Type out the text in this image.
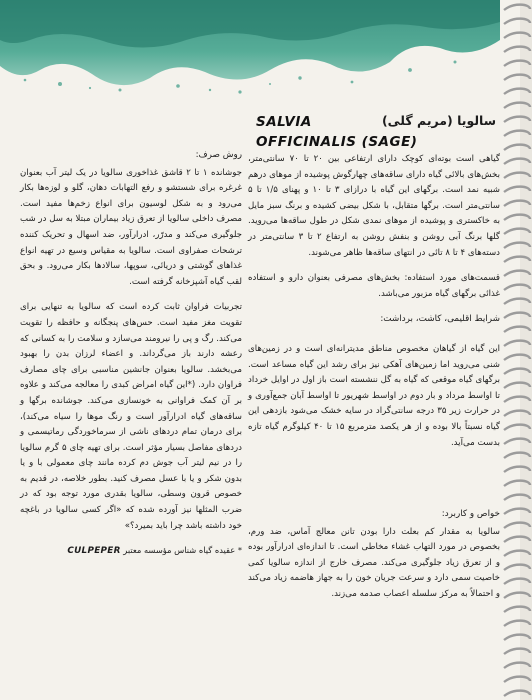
SALVIA	سالویا (مریم گلی)
OFFICINALIS (SAGE)

گیاهی است بوته‌ای کوچک دارای ارتفاعی بین ۲۰ تا ۷۰ سانتی‌متر، بخش‌های بالائی گیاه دارای ساقه‌های چهارگوش پوشیده از موهای درهم شبیه نمد است. برگهای این گیاه با درازای ۳ تا ۱۰ و پهنای ۱/۵ تا ۵ سانتی‌متر است. برگها متقابل، با شکل بیضی کشیده و برنگ سبز مایل به خاکستری و پوشیده از موهای نمدی شکل در طول ساقه‌ها می‌روید. گلها برنگ آبی روشن و بنفش روشن به ارتفاع ۲ تا ۳ سانتی‌متر در دسته‌های ۴ تا ۸ تائی در انتهای ساقه‌ها ظاهر می‌شوند.

قسمت‌های مورد استفاده: بخش‌های مصرفی بعنوان دارو و استفاده غذائی برگهای گیاه مزبور می‌باشد.

شرایط اقلیمی، کاشت، برداشت:

این گیاه از گیاهان مخصوص مناطق مدیترانه‌ای است و در زمین‌های شنی می‌روید اما زمین‌های آهکی نیز برای رشد این گیاه مساعد است. برگهای گیاه موقعی که گیاه به گل ننشسته است باز اول در اوایل خرداد تا اواسط مرداد و بار دوم در اواسط شهریور تا اواسط آبان جمع‌آوری و در حرارت زیر ۳۵ درجه سانتی‌گراد در سایه خشک می‌شود بازدهی این گیاه نسبتاً بالا بوده و از هر یکصد مترمربع ۱۵ تا ۴۰ کیلوگرم گیاه تازه بدست می‌آید.

خواص و کاربرد:

سالویا به مقدار کم بعلت دارا بودن تانن معالج آماس، ضد ورم، بخصوص در مورد التهاب غشاء مخاطی است. تا اندازه‌ای ادرارآور بوده و از تعرق زیاد جلوگیری می‌کند. مصرف خارج از اندازه سالویا کمی خاصیت سمی دارد و سرعت جریان خون را به جهاز هاضمه زیاد می‌کند و احتمالاً به مرکز سلسله اعصاب صدمه می‌زند.

روش صرف:

جوشانده ۱ تا ۲ قاشق غذاخوری سالویا در یک لیتر آب بعنوان غرغره برای شستشو و رفع التهابات دهان، گلو و لوزه‌ها بکار می‌رود و به شکل لوسیون برای انواع زخم‌ها مفید است. مصرف داخلی سالویا از تعرق زیاد بیماران مبتلا به سل در شب جلوگیری می‌کند و مدرّر، ادرارآور، ضد اسهال و تحریک کننده ترشحات صفراوی است. سالویا به مقیاس وسیع در تهیه انواع غذاهای گوشتی و دریائی، سوپها، سالادها بکار می‌رود. و بحق لقب گیاه آشپزخانه گرفته است.

تجربیات فراوان ثابت کرده است که سالویا به تنهایی برای تقویت مغز مفید است. حس‌های پنجگانه و حافظه را تقویت می‌کند. رگ و پی را نیرومند می‌سازد و سلامت را به کسانی که رعشه دارند باز می‌گرداند. و اعضاء لرزان بدن را بهبود می‌بخشد. سالویا بعنوان جانشین مناسبی برای چای مصارف فراوان دارد. (*این گیاه امراض کبدی را معالجه می‌کند و علاوه بر آن کمک فراوانی به خونسازی می‌کند. جوشانده برگها و ساقه‌های گیاه ادرارآور است و رنگ موها را سیاه می‌کند)، برای درمان تمام دردهای ناشی از سرماخوردگی رماتیسمی و دردهای مفاصل بسیار مؤثر است. برای تهیه چای ۵ گرم سالویا را در نیم لیتر آب جوش دم کرده مانند چای معمولی با و یا بدون شکر و یا با عسل مصرف کنید. بطور خلاصه، در قدیم به خصوص قرون وسطی، سالویا بقدری مورد توجه بود که در ضرب المثلها نیز آورده شده که «اگر کسی سالویا در باغچه خود داشته باشد چرا باید بمیرد؟»

* عقیده گیاه شناس مؤسسه معتبر CULPEPER
